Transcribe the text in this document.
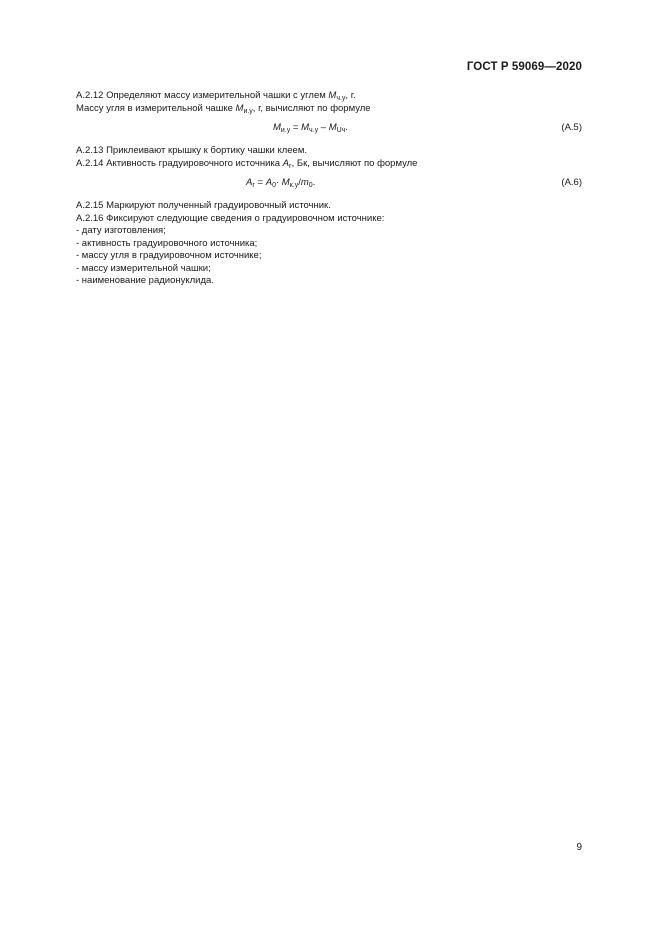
ГОСТ Р 59069—2020
А.2.12 Определяют массу измерительной чашки с углем $M_{ч.у}$, г.
Массу угля в измерительной чашке $M_{и.у}$, г, вычисляют по формуле
$M_{и.у} = M_{ч.у} - M_{Uч}$.	(А.5)
А.2.13 Приклеивают крышку к бортику чашки клеем.
А.2.14 Активность градуировочного источника $A_г$, Бк, вычисляют по формуле
$A_г = A_0\cdot M_{к.у}/m_0$.	(А.6)
А.2.15 Маркируют полученный градуировочный источник.
А.2.16 Фиксируют следующие сведения о градуировочном источнике:
- дату изготовления;
- активность градуировочного источника;
- массу угля в градуировочном источнике;
- массу измерительной чашки;
- наименование радионуклида.
9
